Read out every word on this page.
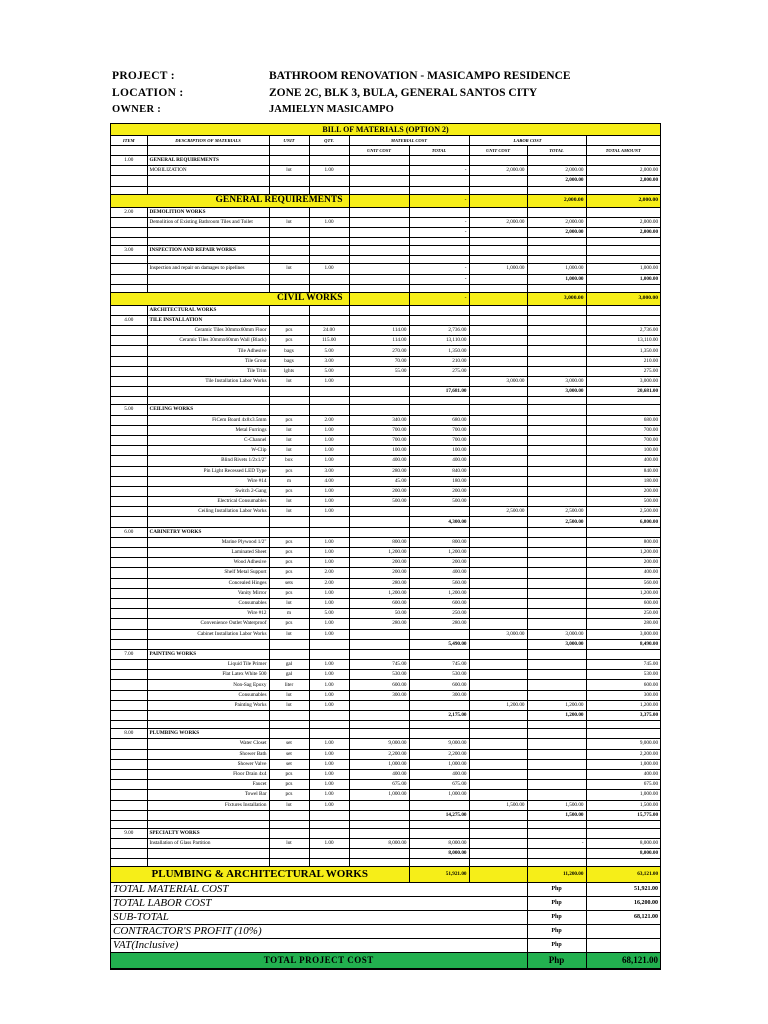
PROJECT :	BATHROOM RENOVATION - MASICAMPO RESIDENCE
LOCATION :	ZONE 2C, BLK 3, BULA, GENERAL SANTOS CITY
OWNER :	JAMIELYN MASICAMPO
BILL OF MATERIALS (OPTION 2)								
ITEM	DESCRIPTION OF MATERIALS	UNIT	QTY.	MATERIAL COST		LABOR COST		
				UNIT COST	TOTAL	UNIT COST	TOTAL	TOTAL AMOUNT
1.00	GENERAL REQUIREMENTS							
	MOBILIZATION	lot	1.00		-	2,000.00	2,000.00	2,000.00
							2,000.00	2,000.00

GENERAL REQUIREMENTS					-		2,000.00	2,000.00
2.00	DEMOLITION WORKS							
	Demolition of Existing Bathroom Tiles and Toilet	lot	1.00		-	2,000.00	2,000.00	2,000.00
					-		2,000.00	2,000.00

3.00	INSPECTION AND REPAIR WORKS							

	Inspection and repair on damages to pipelines	lot	1.00		-	1,000.00	1,000.00	1,000.00
					-		1,000.00	1,000.00

CIVIL WORKS					-		3,000.00	3,000.00
	ARCHITECTURAL WORKS							
4.00	TILE INSTALLATION							
	Ceramic Tiles 30mmx60mm Floor	pcs	24.00	114.00	2,736.00			2,736.00
	Ceramic Tiles 30mmx60mm Wall (Black)	pcs	115.00	114.00	13,110.00			13,110.00
	Tile Adhesive	bags	5.00	270.00	1,350.00			1,350.00
	Tile Grout	bags	3.00	70.00	210.00			210.00
	Tile Trim	lghts	5.00	55.00	275.00			275.00
	Tile Installation Labor Works	lot	1.00			3,000.00	3,000.00	3,000.00
					17,681.00		3,000.00	20,681.00

5.00	CEILING WORKS							
	FiCem Board 4x8x3.5mm	pcs	2.00	340.00	680.00			680.00
	Metal Furrings	lot	1.00	700.00	700.00			700.00
	C-Channel	lot	1.00	700.00	700.00			700.00
	W-Clip	lot	1.00	100.00	100.00			100.00
	Blind Rivets 1/2x1/2"	box	1.00	400.00	400.00			400.00
	Pin Light Recessed LED Type	pcs	3.00	280.00	840.00			840.00
	Wire #14	m	4.00	45.00	180.00			180.00
	Switch 2-Gang	pcs	1.00	200.00	200.00			200.00
	Electrical Consumables	lot	1.00	500.00	500.00			500.00
	Ceiling Installation Labor Works	lot	1.00			2,500.00	2,500.00	2,500.00
					4,300.00		2,500.00	6,800.00
6.00	CABINETRY WORKS							
	Marine Plywood 1/2"	pcs	1.00	800.00	800.00			800.00
	Laminated Sheet	pcs	1.00	1,200.00	1,200.00			1,200.00
	Wood Adhesive	pcs	1.00	200.00	200.00			200.00
	Shelf Metal Support	pcs	2.00	200.00	400.00			400.00
	Concealed Hinges	sets	2.00	280.00	560.00			560.00
	Vanity Mirror	pcs	1.00	1,200.00	1,200.00			1,200.00
	Consumables	lot	1.00	600.00	600.00			600.00
	Wire #12	m	5.00	50.00	250.00			250.00
	Convenience Outlet Waterproof	pcs	1.00	280.00	280.00			280.00
	Cabinet Installation Labor Works	lot	1.00			3,000.00	3,000.00	3,000.00
					5,490.00		3,000.00	8,490.00
7.00	PAINTING WORKS							
	Liquid Tile Primer	gal	1.00	745.00	745.00			745.00
	Flat Latex White 500	gal	1.00	530.00	530.00			530.00
	Non-Sag Epoxy	liter	1.00	600.00	600.00			600.00
	Consumables	lot	1.00	300.00	300.00			300.00
	Painting Works	lot	1.00			1,200.00	1,200.00	1,200.00
					2,175.00		1,200.00	3,375.00

8.00	PLUMBING WORKS							
	Water Closet	set	1.00	9,000.00	9,000.00			9,000.00
	Shower Bath	set	1.00	2,200.00	2,200.00			2,200.00
	Shower Valve	set	1.00	1,000.00	1,000.00			1,000.00
	Floor Drain 4x4	pcs	1.00	400.00	400.00			400.00
	Faucet	pcs	1.00	675.00	675.00			675.00
	Towel Bar	pcs	1.00	1,000.00	1,000.00			1,000.00
	Fixtures Installation	lot	1.00			1,500.00	1,500.00	1,500.00
					14,275.00		1,500.00	15,775.00

9.00	SPECIALTY WORKS							
	Installation of Glass Partition	lot	1.00	8,000.00	8,000.00		-	8,000.00
					8,000.00			8,000.00

PLUMBING & ARCHITECTURAL WORKS					51,921.00		11,200.00	63,121.00
TOTAL MATERIAL COST							Php	51,921.00
TOTAL LABOR COST							Php	16,200.00
SUB-TOTAL							Php	68,121.00
CONTRACTOR'S PROFIT (10%)							Php	
VAT(Inclusive)							Php	
TOTAL PROJECT COST							Php	68,121.00
